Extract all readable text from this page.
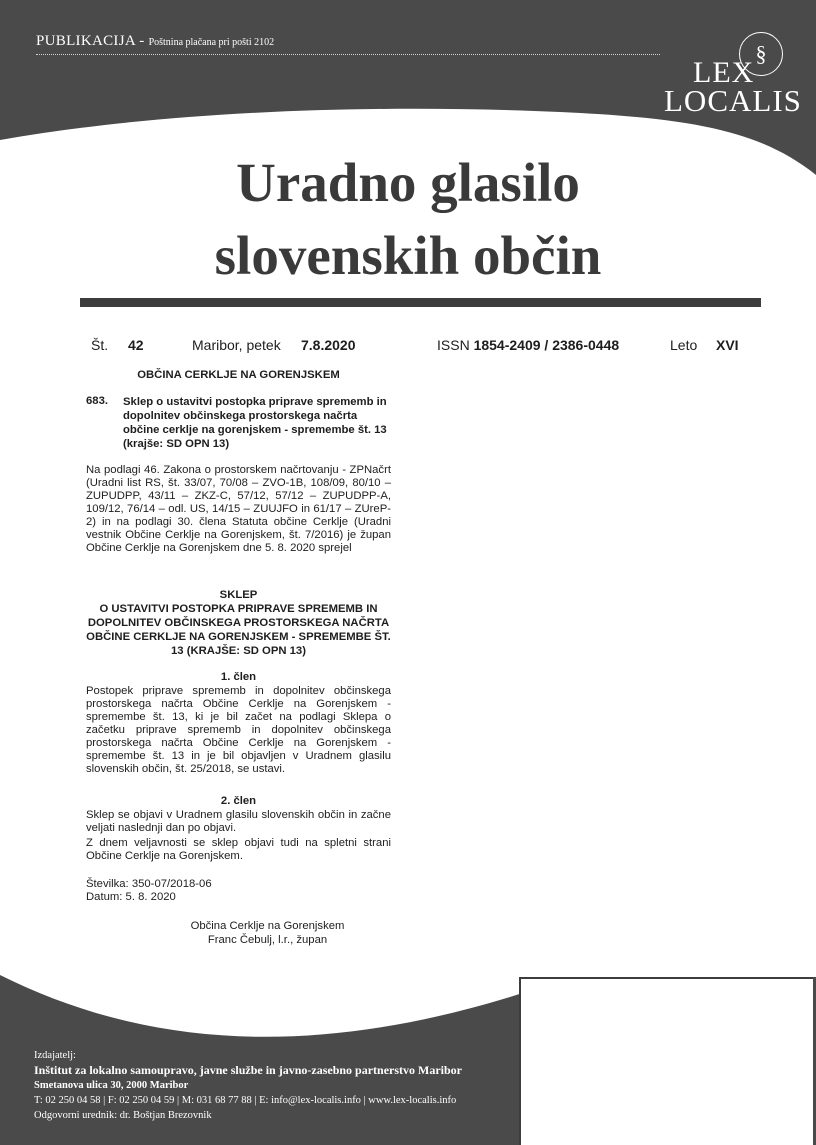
PUBLIKACIJA - Poštnina plačana pri pošti 2102	§
LEX
LOCALIS
Uradno glasilo
slovenskih občin
Št. 42	Maribor, petek 7.8.2020	ISSN 1854-2409 / 2386-0448	Leto XVI
OBČINA CERKLJE NA GORENJSKEM
683. Sklep o ustavitvi postopka priprave sprememb in dopolnitev občinskega prostorskega načrta občine cerklje na gorenjskem - spremembe št. 13 (krajše: SD OPN 13)

Na podlagi 46. Zakona o prostorskem načrtovanju - ZPNačrt (Uradni list RS, št. 33/07, 70/08 – ZVO-1B, 108/09, 80/10 – ZUPUDPP, 43/11 – ZKZ-C, 57/12, 57/12 – ZUPUDPP-A, 109/12, 76/14 – odl. US, 14/15 – ZUUJFO in 61/17 – ZUreP-2) in na podlagi 30. člena Statuta občine Cerklje (Uradni vestnik Občine Cerklje na Gorenjskem, št. 7/2016) je župan Občine Cerklje na Gorenjskem dne 5. 8. 2020 sprejel

SKLEP
O USTAVITVI POSTOPKA PRIPRAVE SPREMEMB IN DOPOLNITEV OBČINSKEGA PROSTORSKEGA NAČRTA OBČINE CERKLJE NA GORENJSKEM - SPREMEMBE ŠT. 13 (KRAJŠE: SD OPN 13)
1. člen

Postopek priprave sprememb in dopolnitev občinskega prostorskega načrta Občine Cerklje na Gorenjskem - spremembe št. 13, ki je bil začet na podlagi Sklepa o začetku priprave sprememb in dopolnitev občinskega prostorskega načrta Občine Cerklje na Gorenjskem - spremembe št. 13 in je bil objavljen v Uradnem glasilu slovenskih občin, št. 25/2018, se ustavi.

2. člen

Sklep se objavi v Uradnem glasilu slovenskih občin in začne veljati naslednji dan po objavi.

Z dnem veljavnosti se sklep objavi tudi na spletni strani Občine Cerklje na Gorenjskem.

Številka: 350-07/2018-06
Datum: 5. 8. 2020
Občina Cerklje na Gorenjskem
Franc Čebulj, l.r., župan
Izdajatelj:
Inštitut za lokalno samoupravo, javne službe in javno-zasebno partnerstvo Maribor
Smetanova ulica 30, 2000 Maribor
T: 02 250 04 58 | F: 02 250 04 59 | M: 031 68 77 88 | E: info@lex-localis.info | www.lex-localis.info
Odgovorni urednik: dr. Boštjan Brezovnik
